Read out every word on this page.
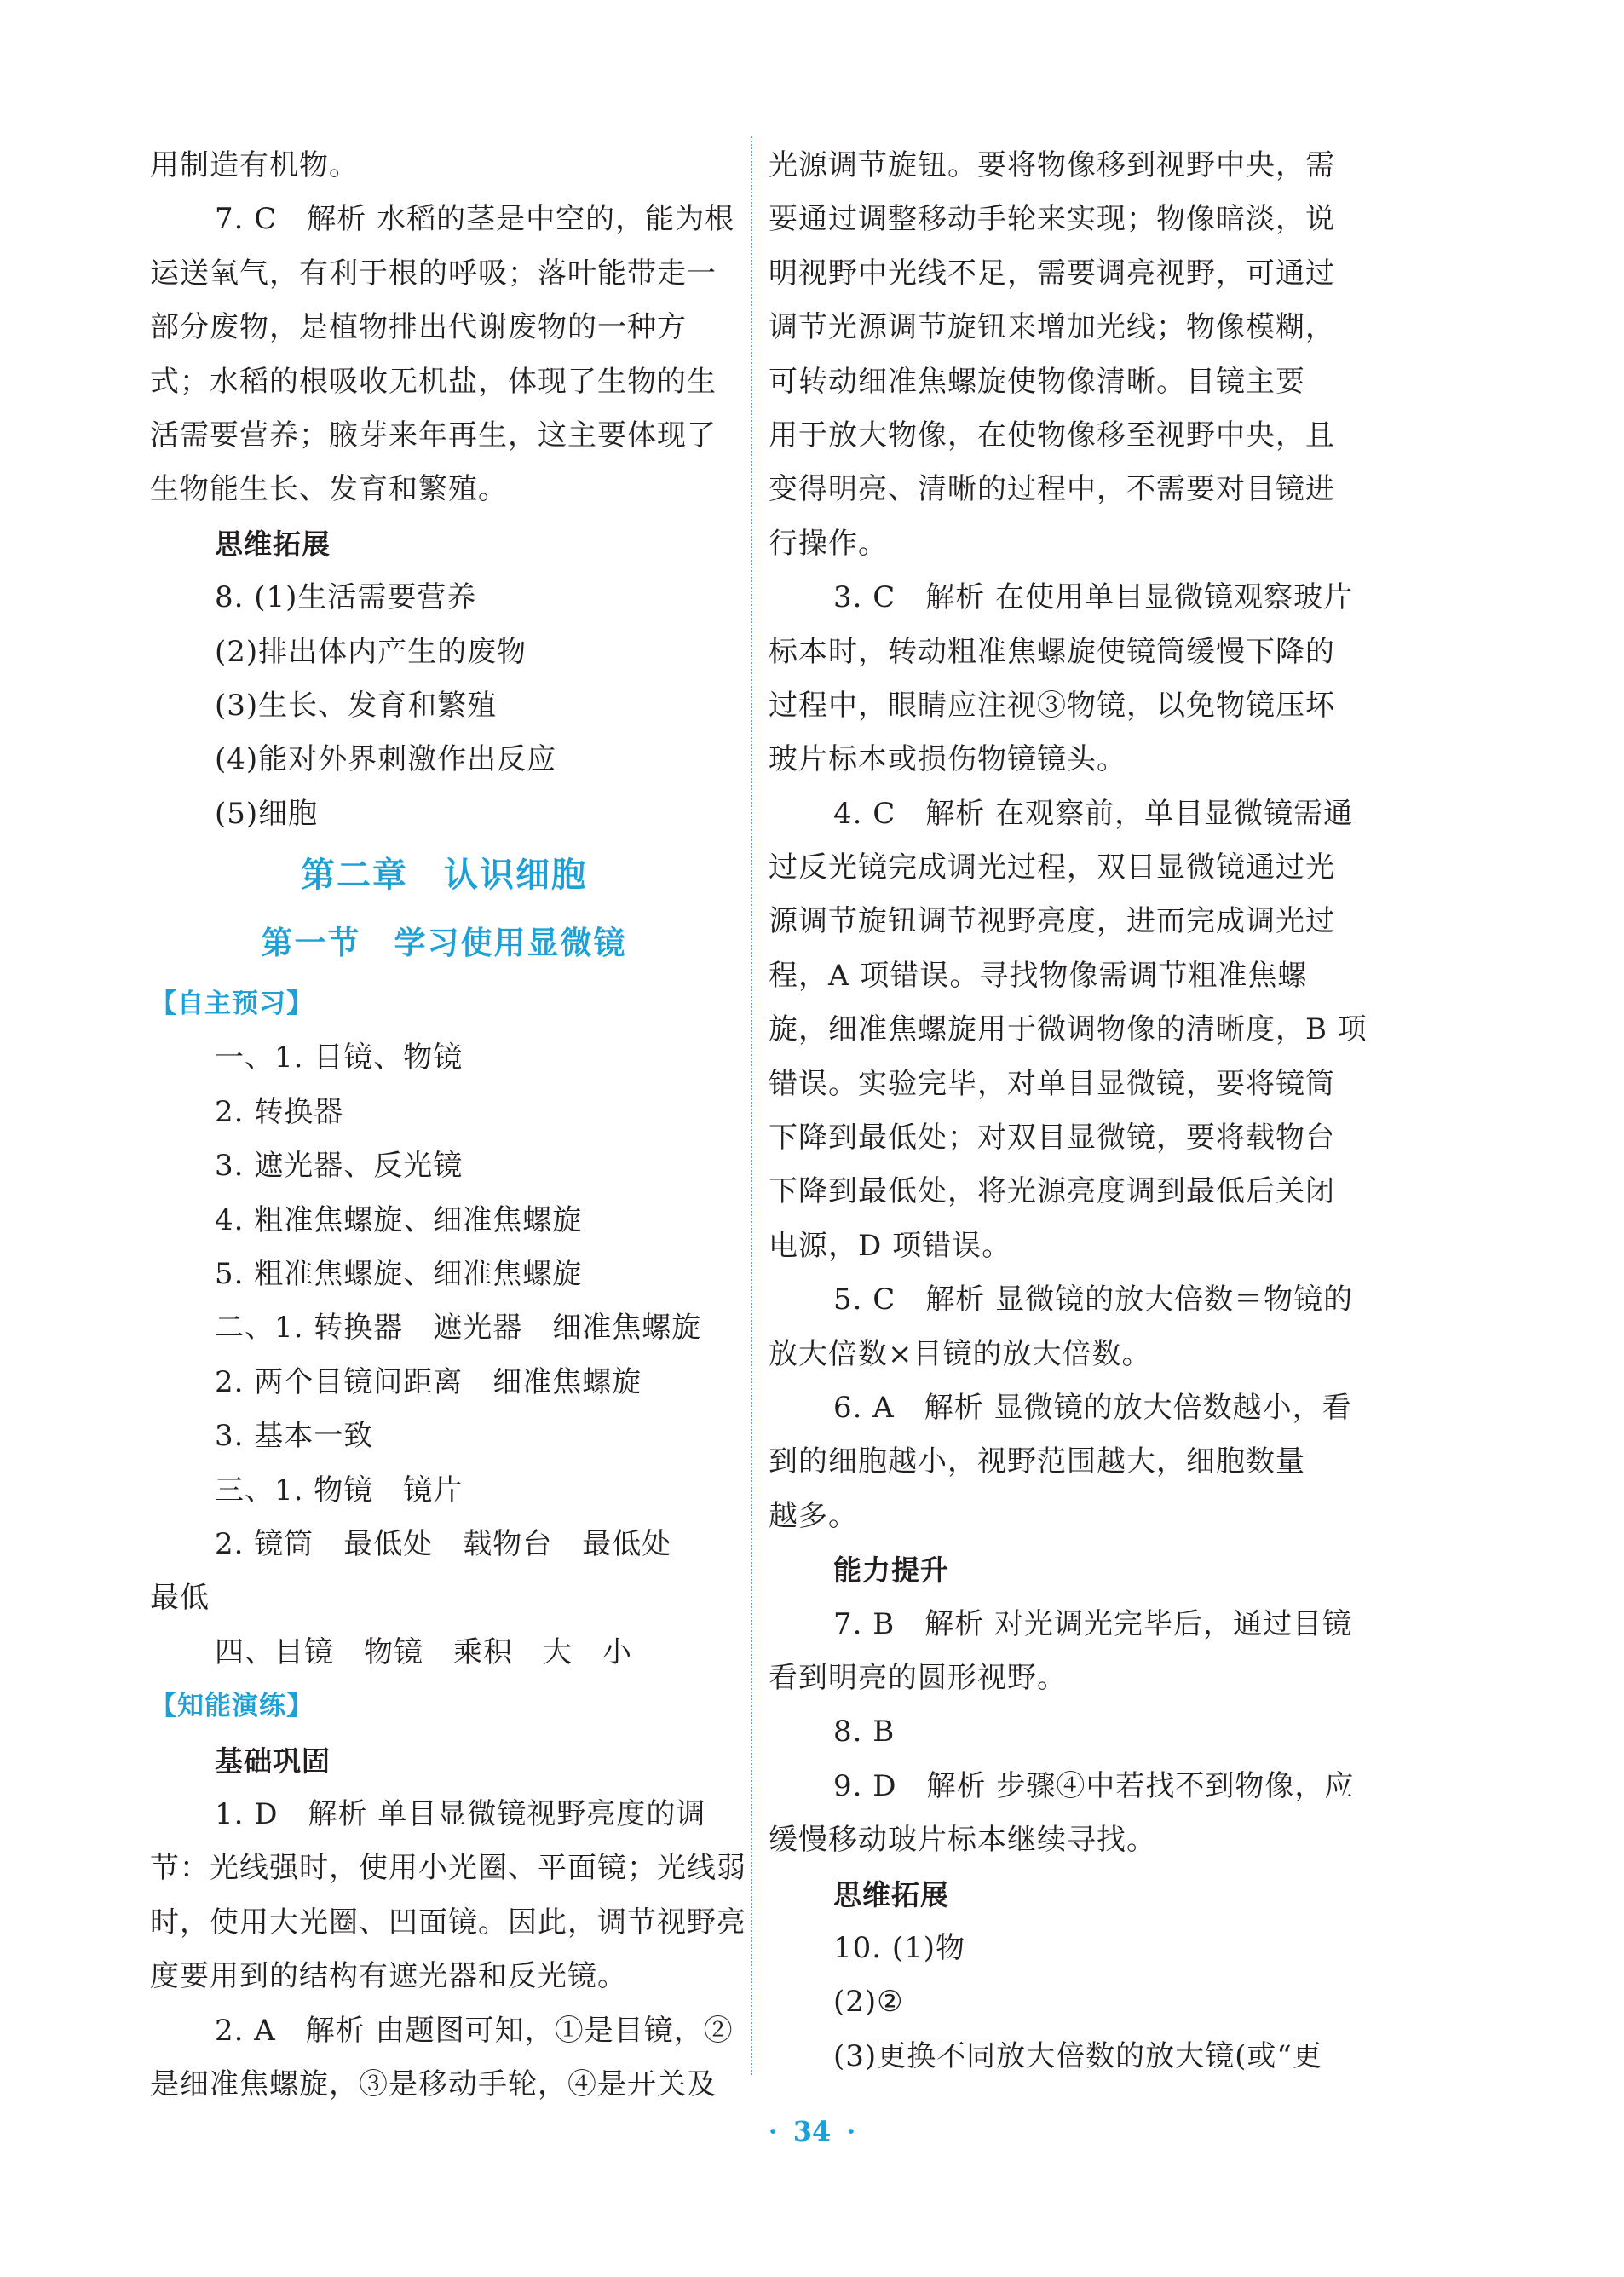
用制造有机物。
7. C　解析 水稻的茎是中空的，能为根
运送氧气，有利于根的呼吸；落叶能带走一
部分废物，是植物排出代谢废物的一种方
式；水稻的根吸收无机盐，体现了生物的生
活需要营养；腋芽来年再生，这主要体现了
生物能生长、发育和繁殖。
思维拓展
8. (1)生活需要营养
(2)排出体内产生的废物
(3)生长、发育和繁殖
(4)能对外界刺激作出反应
(5)细胞
第二章　认识细胞
第一节　学习使用显微镜
【自主预习】
一、1. 目镜、物镜
2. 转换器
3. 遮光器、反光镜
4. 粗准焦螺旋、细准焦螺旋
5. 粗准焦螺旋、细准焦螺旋
二、1. 转换器　遮光器　细准焦螺旋
2. 两个目镜间距离　细准焦螺旋
3. 基本一致
三、1. 物镜　镜片
2. 镜筒　最低处　载物台　最低处
最低
四、目镜　物镜　乘积　大　小
【知能演练】
基础巩固
1. D　解析 单目显微镜视野亮度的调
节：光线强时，使用小光圈、平面镜；光线弱
时，使用大光圈、凹面镜。因此，调节视野亮
度要用到的结构有遮光器和反光镜。
2. A　解析 由题图可知，①是目镜，②
是细准焦螺旋，③是移动手轮，④是开关及
光源调节旋钮。要将物像移到视野中央，需
要通过调整移动手轮来实现；物像暗淡，说
明视野中光线不足，需要调亮视野，可通过
调节光源调节旋钮来增加光线；物像模糊，
可转动细准焦螺旋使物像清晰。目镜主要
用于放大物像，在使物像移至视野中央，且
变得明亮、清晰的过程中，不需要对目镜进
行操作。
3. C　解析 在使用单目显微镜观察玻片
标本时，转动粗准焦螺旋使镜筒缓慢下降的
过程中，眼睛应注视③物镜，以免物镜压坏
玻片标本或损伤物镜镜头。
4. C　解析 在观察前，单目显微镜需通
过反光镜完成调光过程，双目显微镜通过光
源调节旋钮调节视野亮度，进而完成调光过
程，A 项错误。寻找物像需调节粗准焦螺
旋，细准焦螺旋用于微调物像的清晰度，B 项
错误。实验完毕，对单目显微镜，要将镜筒
下降到最低处；对双目显微镜，要将载物台
下降到最低处，将光源亮度调到最低后关闭
电源，D 项错误。
5. C　解析 显微镜的放大倍数＝物镜的
放大倍数×目镜的放大倍数。
6. A　解析 显微镜的放大倍数越小，看
到的细胞越小，视野范围越大，细胞数量
越多。
能力提升
7. B　解析 对光调光完毕后，通过目镜
看到明亮的圆形视野。
8. B
9. D　解析 步骤④中若找不到物像，应
缓慢移动玻片标本继续寻找。
思维拓展
10. (1)物
(2)②
(3)更换不同放大倍数的放大镜(或“更
· 34 ·
